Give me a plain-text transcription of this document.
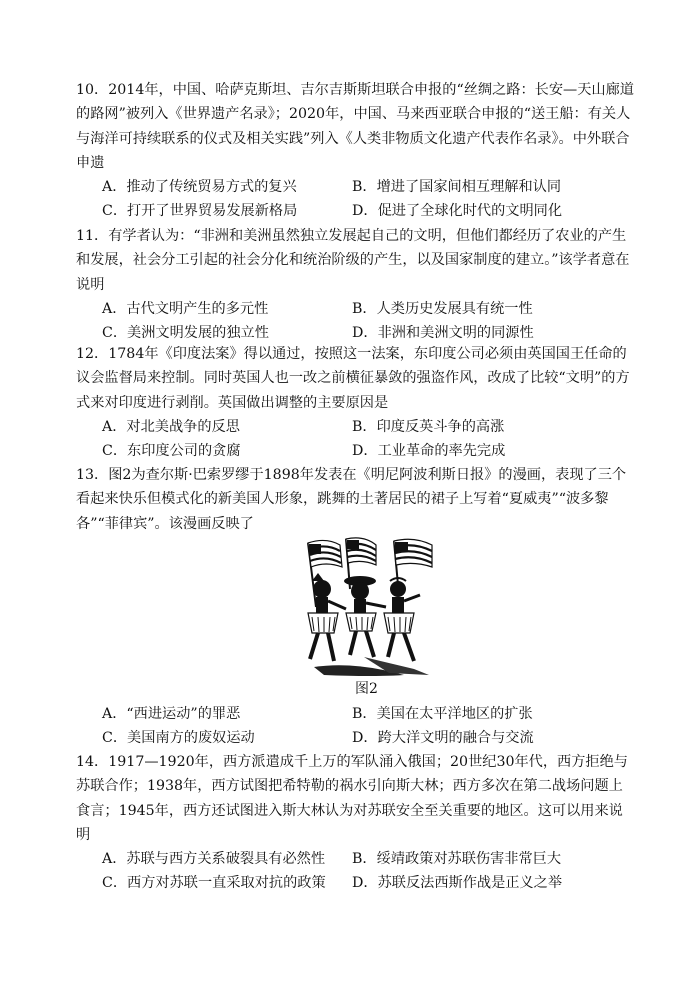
10．2014年，中国、哈萨克斯坦、吉尔吉斯斯坦联合申报的“丝绸之路：长安—天山廊道的路网”被列入《世界遗产名录》；2020年，中国、马来西亚联合申报的“送王船：有关人与海洋可持续联系的仪式及相关实践”列入《人类非物质文化遗产代表作名录》。中外联合申遗

A．推动了传统贸易方式的复兴	B．增进了国家间相互理解和认同
C．打开了世界贸易发展新格局	D．促进了全球化时代的文明同化

11．有学者认为：“非洲和美洲虽然独立发展起自己的文明，但他们都经历了农业的产生和发展，社会分工引起的社会分化和统治阶级的产生，以及国家制度的建立。”该学者意在说明

A．古代文明产生的多元性	B．人类历史发展具有统一性
C．美洲文明发展的独立性	D．非洲和美洲文明的同源性

12．1784年《印度法案》得以通过，按照这一法案，东印度公司必须由英国国王任命的议会监督局来控制。同时英国人也一改之前横征暴敛的强盗作风，改成了比较“文明”的方式来对印度进行剥削。英国做出调整的主要原因是

A．对北美战争的反思	B．印度反英斗争的高涨
C．东印度公司的贪腐	D．工业革命的率先完成

13．图2为查尔斯·巴索罗缪于1898年发表在《明尼阿波利斯日报》的漫画，表现了三个看起来快乐但模式化的新美国人形象，跳舞的土著居民的裙子上写着“夏威夷”“波多黎各”“菲律宾”。该漫画反映了

图2
A．“西进运动”的罪恶	B．美国在太平洋地区的扩张
C．美国南方的废奴运动	D．跨大洋文明的融合与交流

14．1917—1920年，西方派遣成千上万的军队涌入俄国；20世纪30年代，西方拒绝与苏联合作；1938年，西方试图把希特勒的祸水引向斯大林；西方多次在第二战场问题上食言；1945年，西方还试图进入斯大林认为对苏联安全至关重要的地区。这可以用来说明

A．苏联与西方关系破裂具有必然性	B．绥靖政策对苏联伤害非常巨大
C．西方对苏联一直采取对抗的政策	D．苏联反法西斯作战是正义之举
